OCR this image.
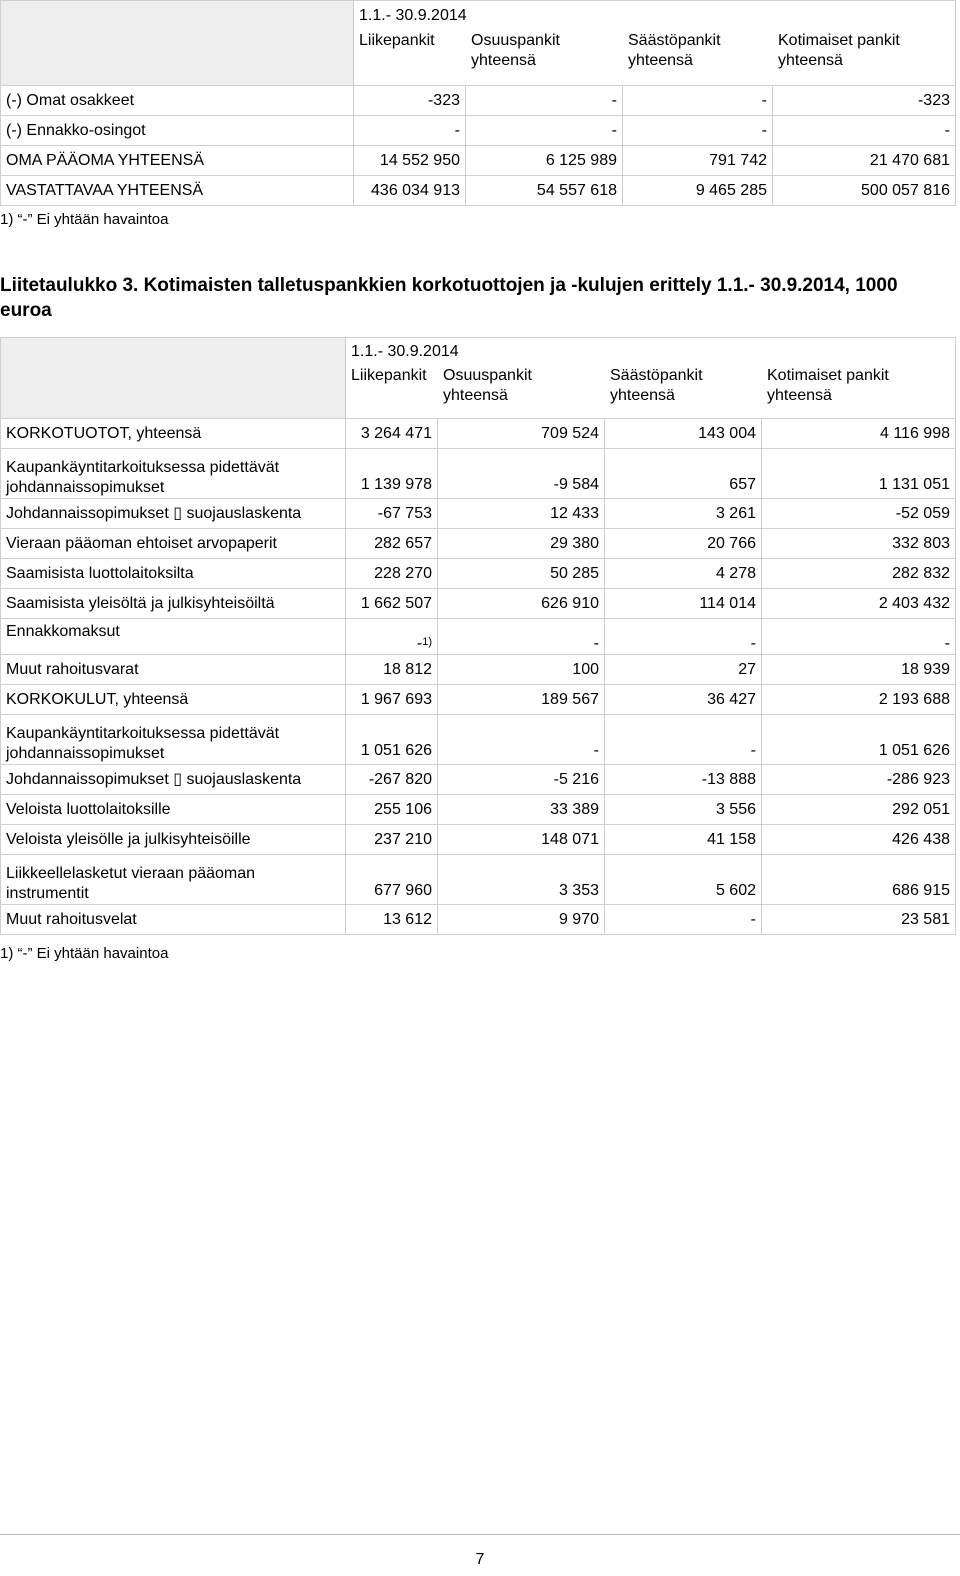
1.1.- 30.9.2014
Liikepankit	Osuuspankit yhteensä	Säästöpankit yhteensä	Kotimaiset pankit yhteensä

(-) Omat osakkeet	-323	-	-	-323
(-) Ennakko-osingot	-	-	-	-
OMA PÄÄOMA YHTEENSÄ	14 552 950	6 125 989	791 742	21 470 681
VASTATTAVAA YHTEENSÄ	436 034 913	54 557 618	9 465 285	500 057 816
1) “-” Ei yhtään havaintoa
Liitetaulukko 3. Kotimaisten talletuspankkien korkotuottojen ja -kulujen erittely 1.1.- 30.9.2014, 1000 euroa

1.1.- 30.9.2014
Liikepankit	Osuuspankit yhteensä	Säästöpankit yhteensä	Kotimaiset pankit yhteensä

KORKOTUOTOT, yhteensä	3 264 471	709 524	143 004	4 116 998
Kaupankäyntitarkoituksessa pidettävät johdannaissopimukset	1 139 978	-9 584	657	1 131 051
Johdannaissopimukset ▯ suojauslaskenta	-67 753	12 433	3 261	-52 059
Vieraan pääoman ehtoiset arvopaperit	282 657	29 380	20 766	332 803
Saamisista luottolaitoksilta	228 270	50 285	4 278	282 832
Saamisista yleisöltä ja julkisyhteisöiltä	1 662 507	626 910	114 014	2 403 432
Ennakkomaksut	-$^{1)}$	-	-	-
Muut rahoitusvarat	18 812	100	27	18 939
KORKOKULUT, yhteensä	1 967 693	189 567	36 427	2 193 688
Kaupankäyntitarkoituksessa pidettävät johdannaissopimukset	1 051 626	-	-	1 051 626
Johdannaissopimukset ▯ suojauslaskenta	-267 820	-5 216	-13 888	-286 923
Veloista luottolaitoksille	255 106	33 389	3 556	292 051
Veloista yleisölle ja julkisyhteisöille	237 210	148 071	41 158	426 438
Liikkeellelasketut vieraan pääoman instrumentit	677 960	3 353	5 602	686 915
Muut rahoitusvelat	13 612	9 970	-	23 581
1) “-” Ei yhtään havaintoa
7
